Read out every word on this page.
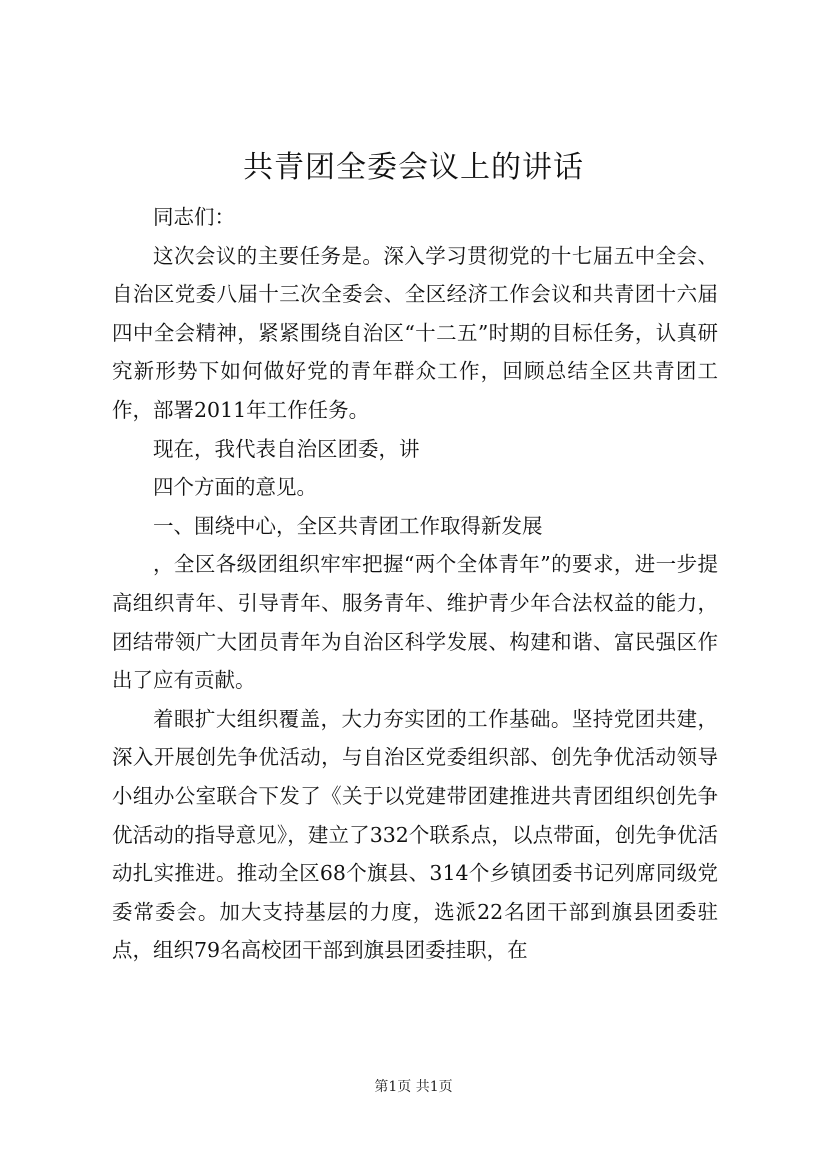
共青团全委会议上的讲话

同志们：

这次会议的主要任务是。深入学习贯彻党的十七届五中全会、自治区党委八届十三次全委会、全区经济工作会议和共青团十六届四中全会精神，紧紧围绕自治区“十二五”时期的目标任务，认真研究新形势下如何做好党的青年群众工作，回顾总结全区共青团工作，部署2011年工作任务。

现在，我代表自治区团委，讲

四个方面的意见。

一、围绕中心，全区共青团工作取得新发展

，全区各级团组织牢牢把握“两个全体青年”的要求，进一步提高组织青年、引导青年、服务青年、维护青少年合法权益的能力，团结带领广大团员青年为自治区科学发展、构建和谐、富民强区作出了应有贡献。

着眼扩大组织覆盖，大力夯实团的工作基础。坚持党团共建，深入开展创先争优活动，与自治区党委组织部、创先争优活动领导小组办公室联合下发了《关于以党建带团建推进共青团组织创先争优活动的指导意见》，建立了332个联系点，以点带面，创先争优活动扎实推进。推动全区68个旗县、314个乡镇团委书记列席同级党委常委会。加大支持基层的力度，选派22名团干部到旗县团委驻点，组织79名高校团干部到旗县团委挂职，在

第1页 共1页
